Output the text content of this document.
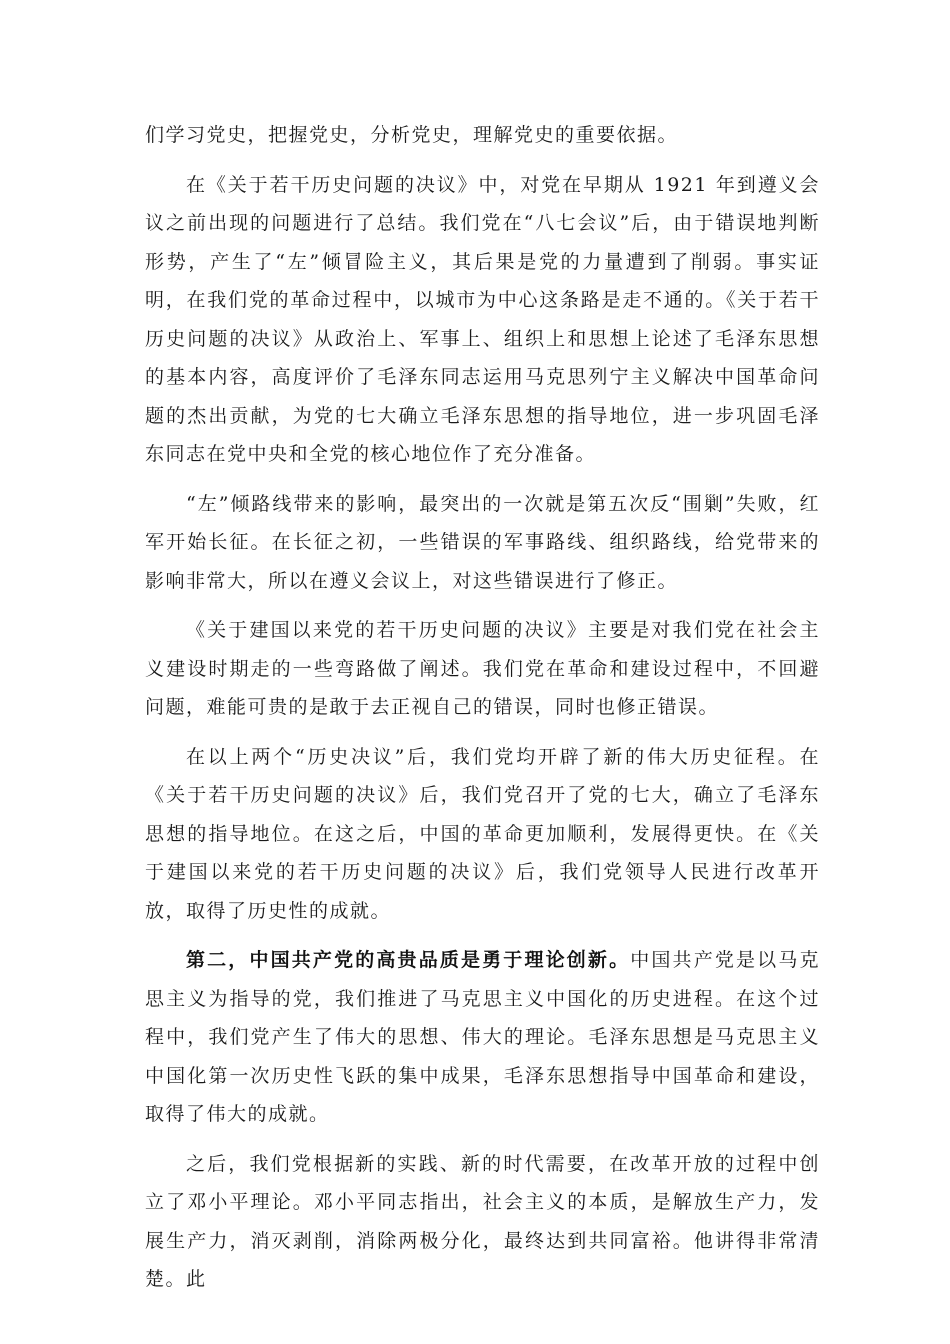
们学习党史，把握党史，分析党史，理解党史的重要依据。

在《关于若干历史问题的决议》中，对党在早期从 1921 年到遵义会议之前出现的问题进行了总结。我们党在“八七会议”后，由于错误地判断形势，产生了“左”倾冒险主义，其后果是党的力量遭到了削弱。事实证明，在我们党的革命过程中，以城市为中心这条路是走不通的。《关于若干历史问题的决议》从政治上、军事上、组织上和思想上论述了毛泽东思想的基本内容，高度评价了毛泽东同志运用马克思列宁主义解决中国革命问题的杰出贡献，为党的七大确立毛泽东思想的指导地位，进一步巩固毛泽东同志在党中央和全党的核心地位作了充分准备。

“左”倾路线带来的影响，最突出的一次就是第五次反“围剿”失败，红军开始长征。在长征之初，一些错误的军事路线、组织路线，给党带来的影响非常大，所以在遵义会议上，对这些错误进行了修正。

《关于建国以来党的若干历史问题的决议》主要是对我们党在社会主义建设时期走的一些弯路做了阐述。我们党在革命和建设过程中，不回避问题，难能可贵的是敢于去正视自己的错误，同时也修正错误。

在以上两个“历史决议”后，我们党均开辟了新的伟大历史征程。在《关于若干历史问题的决议》后，我们党召开了党的七大，确立了毛泽东思想的指导地位。在这之后，中国的革命更加顺利，发展得更快。在《关于建国以来党的若干历史问题的决议》后，我们党领导人民进行改革开放，取得了历史性的成就。

第二，中国共产党的高贵品质是勇于理论创新。中国共产党是以马克思主义为指导的党，我们推进了马克思主义中国化的历史进程。在这个过程中，我们党产生了伟大的思想、伟大的理论。毛泽东思想是马克思主义中国化第一次历史性飞跃的集中成果，毛泽东思想指导中国革命和建设，取得了伟大的成就。

之后，我们党根据新的实践、新的时代需要，在改革开放的过程中创立了邓小平理论。邓小平同志指出，社会主义的本质，是解放生产力，发展生产力，消灭剥削，消除两极分化，最终达到共同富裕。他讲得非常清楚。此
